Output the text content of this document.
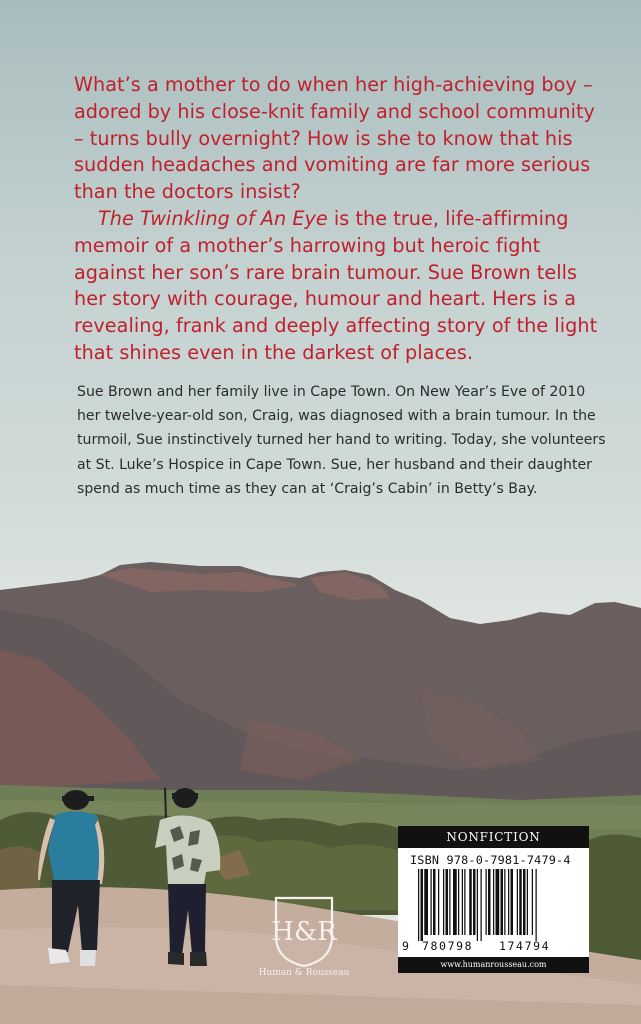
What’s a mother to do when her high-achieving boy –
adored by his close-knit family and school community
– turns bully overnight? How is she to know that his
sudden headaches and vomiting are far more serious
than the doctors insist?
The Twinkling of An Eye is the true, life-affirming
memoir of a mother’s harrowing but heroic fight
against her son’s rare brain tumour. Sue Brown tells
her story with courage, humour and heart. Hers is a
revealing, frank and deeply affecting story of the light
that shines even in the darkest of places.

Sue Brown and her family live in Cape Town. On New Year’s Eve of 2010
her twelve-year-old son, Craig, was diagnosed with a brain tumour. In the
turmoil, Sue instinctively turned her hand to writing. Today, she volunteers
at St. Luke’s Hospice in Cape Town. Sue, her husband and their daughter
spend as much time as they can at ‘Craig’s Cabin’ in Betty’s Bay.

H&R
Human & Rousseau
NONFICTION
ISBN 978-0-7981-7479-4
9 780798 174794
www.humanrousseau.com
